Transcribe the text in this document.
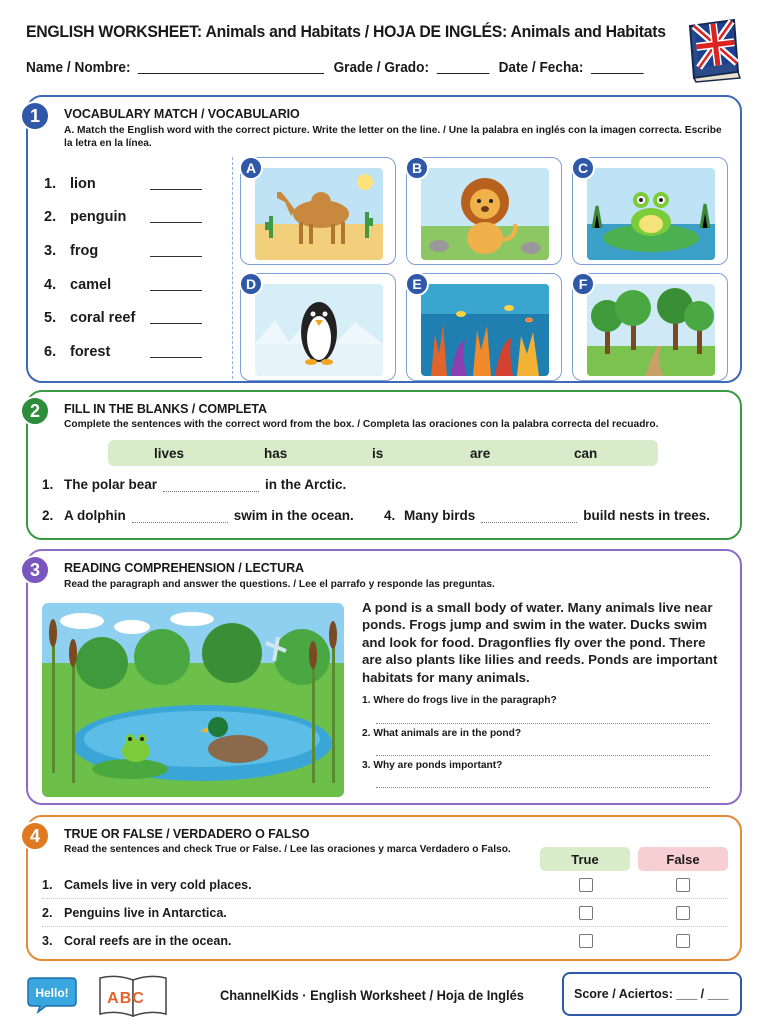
ENGLISH WORKSHEET: Animals and Habitats / HOJA DE INGLÉS: Animals and Habitats
Name / Nombre:	Grade / Grado:	Date / Fecha:
1	VOCABULARY MATCH / VOCABULARIO
A. Match the English word with the correct picture. Write the letter on the line. / Une la palabra en inglés con la imagen correcta. Escribe la letra en la línea.
1. lion
2. penguin
3. frog
4. camel
5. coral reef
6. forest
A	B	C
D	E	F
2	FILL IN THE BLANKS / COMPLETA
Complete the sentences with the correct word from the box. / Completa las oraciones con la palabra correcta del recuadro.
lives	has	is	are	can
1. The polar bear	in the Arctic.
2. A dolphin	swim in the ocean. 4. Many birds	build nests in trees.
3	READING COMPREHENSION / LECTURA
Read the paragraph and answer the questions. / Lee el parrafo y responde las preguntas.
A pond is a small body of water. Many animals live near ponds. Frogs jump and swim in the water. Ducks swim and look for food. Dragonflies fly over the pond. There are also plants like lilies and reeds. Ponds are important habitats for many animals.
1. Where do frogs live in the paragraph?
2. What animals are in the pond?
3. Why are ponds important?
4	TRUE OR FALSE / VERDADERO O FALSO
Read the sentences and check True or False. / Lee las oraciones y marca Verdadero o Falso.
True	False
1. Camels live in very cold places.
2. Penguins live in Antarctica.
3. Coral reefs are in the ocean.
Hello! ABC	ChannelKids · English Worksheet / Hoja de Inglés	Score / Aciertos: ___ / ___
